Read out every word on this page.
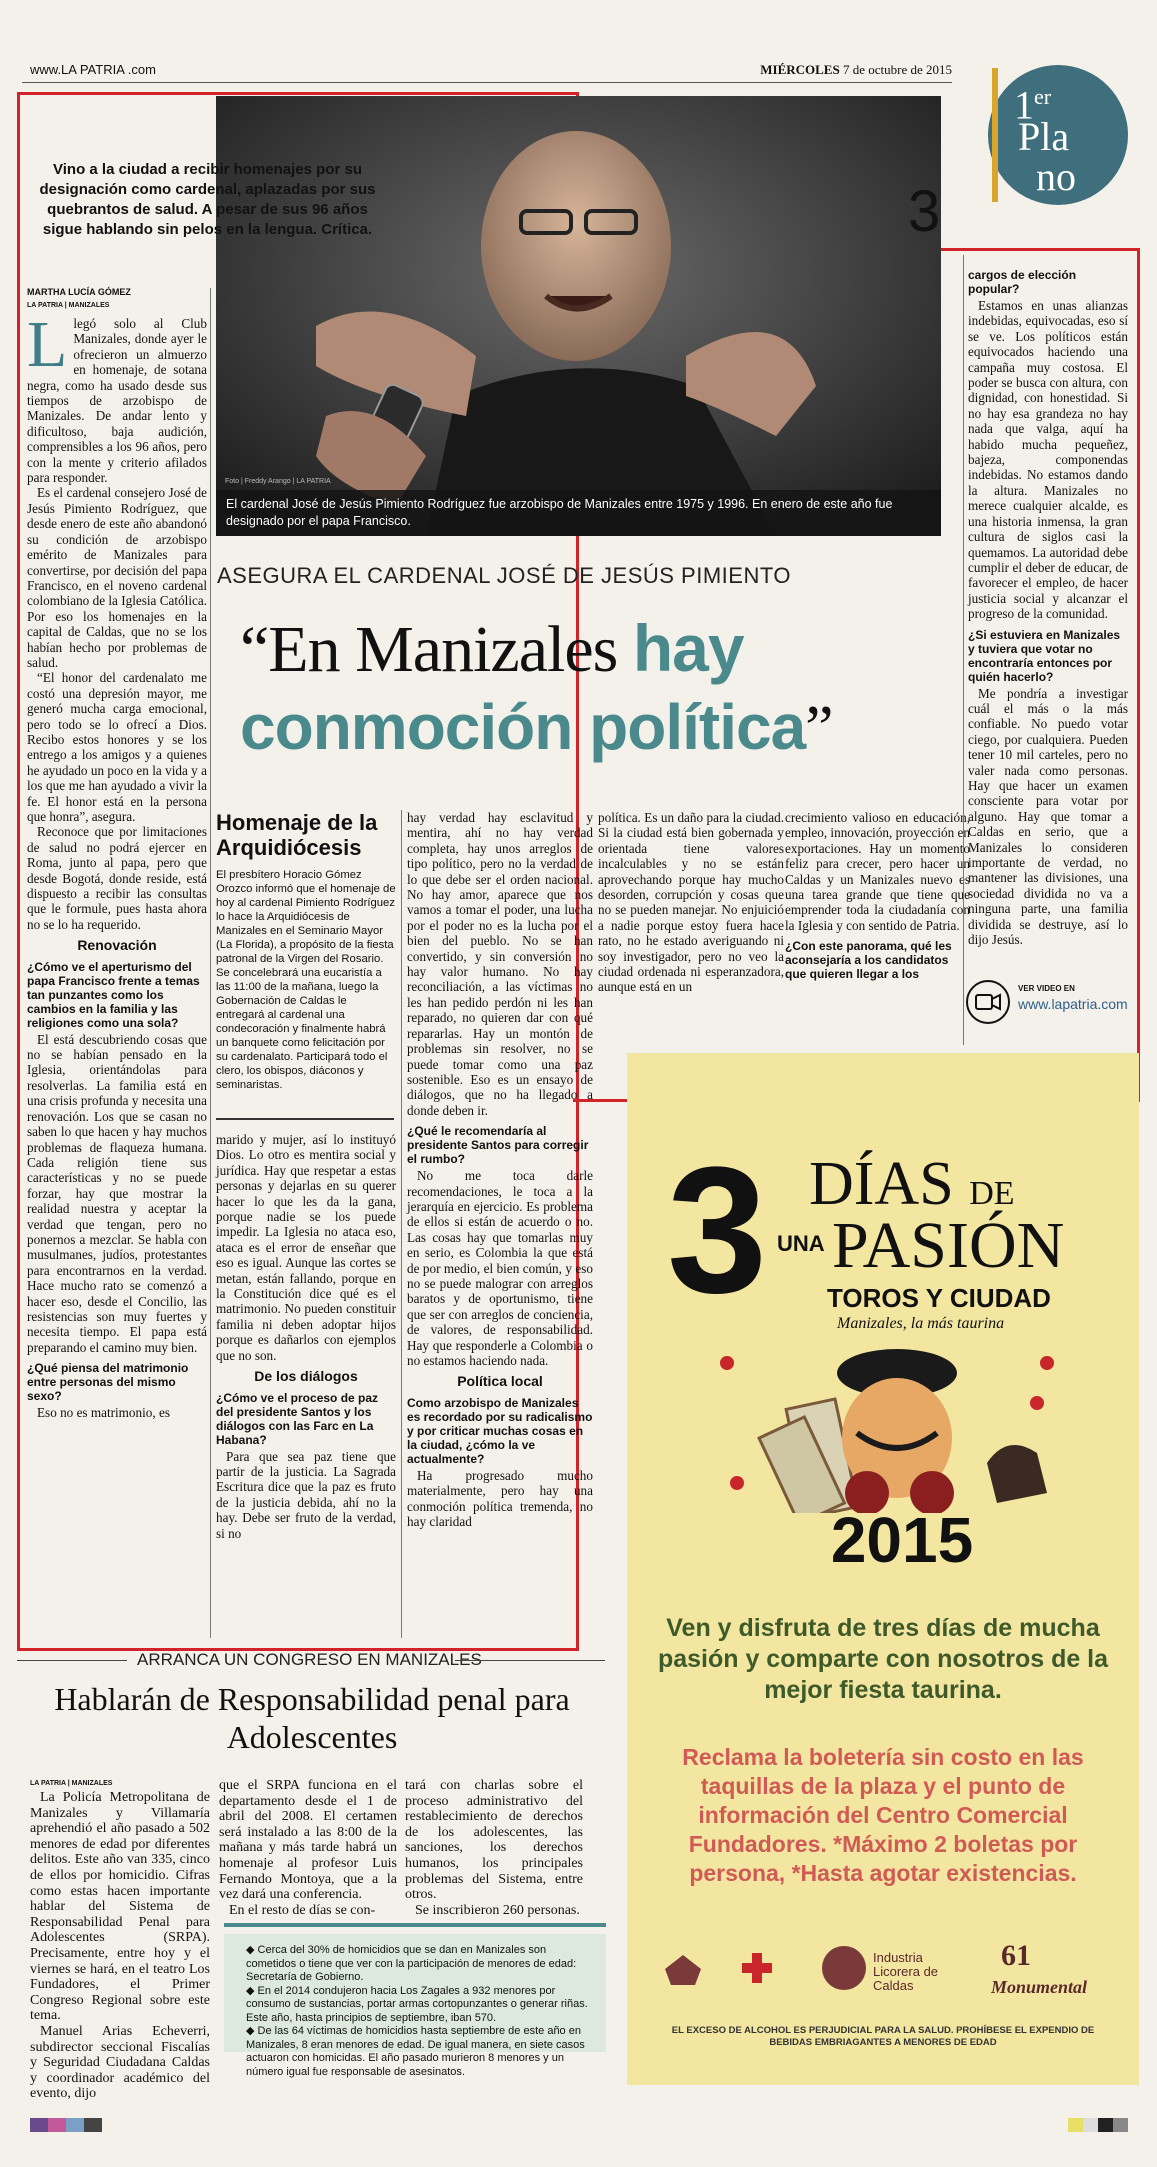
www.LA PATRIA .com	MIÉRCOLES 7 de octubre de 2015
1er
Pla
no
Foto | Freddy Arango | LA PATRIA
El cardenal José de Jesús Pimiento Rodríguez fue arzobispo de Manizales entre 1975 y 1996. En enero de este año fue designado por el papa Francisco.
3
Vino a la ciudad a recibir homenajes por su designación como cardenal, aplazadas por sus quebrantos de salud. A pesar de sus 96 años sigue hablando sin pelos en la lengua. Crítica.
MARTHA LUCÍA GÓMEZ
LA PATRIA | MANIZALES

Llegó solo al Club Manizales, donde ayer le ofrecieron un almuerzo en homenaje, de sotana negra, como ha usado desde sus tiempos de arzobispo de Manizales. De andar lento y dificultoso, baja audición, comprensibles a los 96 años, pero con la mente y criterio afilados para responder.

Es el cardenal consejero José de Jesús Pimiento Rodríguez, que desde enero de este año abandonó su condición de arzobispo emérito de Manizales para convertirse, por decisión del papa Francisco, en el noveno cardenal colombiano de la Iglesia Católica. Por eso los homenajes en la capital de Caldas, que no se los habían hecho por problemas de salud.

“El honor del cardenalato me costó una depresión mayor, me generó mucha carga emocional, pero todo se lo ofrecí a Dios. Recibo estos honores y se los entrego a los amigos y a quienes he ayudado un poco en la vida y a los que me han ayudado a vivir la fe. El honor está en la persona que honra”, asegura.

Reconoce que por limitaciones de salud no podrá ejercer en Roma, junto al papa, pero que desde Bogotá, donde reside, está dispuesto a recibir las consultas que le formule, pues hasta ahora no se lo ha requerido.

Renovación
¿Cómo ve el aperturismo del papa Francisco frente a temas tan punzantes como los cambios en la familia y las religiones como una sola?

El está descubriendo cosas que no se habían pensado en la Iglesia, orientándolas para resolverlas. La familia está en una crisis profunda y necesita una renovación. Los que se casan no saben lo que hacen y hay muchos problemas de flaqueza humana. Cada religión tiene sus características y no se puede forzar, hay que mostrar la realidad nuestra y aceptar la verdad que tengan, pero no ponernos a mezclar. Se habla con musulmanes, judíos, protestantes para encontrarnos en la verdad. Hace mucho rato se comenzó a hacer eso, desde el Concilio, las resistencias son muy fuertes y necesita tiempo. El papa está preparando el camino muy bien.

¿Qué piensa del matrimonio entre personas del mismo sexo?

Eso no es matrimonio, es

ASEGURA EL CARDENAL JOSÉ DE JESÚS PIMIENTO
“En Manizales hay
conmoción política”
Homenaje de la Arquidiócesis

El presbítero Horacio Gómez Orozco informó que el homenaje de hoy al cardenal Pimiento Rodríguez lo hace la Arquidiócesis de Manizales en el Seminario Mayor (La Florida), a propósito de la fiesta patronal de la Virgen del Rosario. Se concelebrará una eucaristía a las 11:00 de la mañana, luego la Gobernación de Caldas le entregará al cardenal una condecoración y finalmente habrá un banquete como felicitación por su cardenalato. Participará todo el clero, los obispos, diáconos y seminaristas.

marido y mujer, así lo instituyó Dios. Lo otro es mentira social y jurídica. Hay que respetar a estas personas y dejarlas en su querer hacer lo que les da la gana, porque nadie se los puede impedir. La Iglesia no ataca eso, ataca es el error de enseñar que eso es igual. Aunque las cortes se metan, están fallando, porque en la Constitución dice qué es el matrimonio. No pueden constituir familia ni deben adoptar hijos porque es dañarlos con ejemplos que no son.

De los diálogos
¿Cómo ve el proceso de paz del presidente Santos y los diálogos con las Farc en La Habana?

Para que sea paz tiene que partir de la justicia. La Sagrada Escritura dice que la paz es fruto de la justicia debida, ahí no la hay. Debe ser fruto de la verdad, si no

hay verdad hay esclavitud y mentira, ahí no hay verdad completa, hay unos arreglos de tipo político, pero no la verdad de lo que debe ser el orden nacional. No hay amor, aparece que nos vamos a tomar el poder, una lucha por el poder no es la lucha por el bien del pueblo. No se han convertido, y sin conversión no hay valor humano. No hay reconciliación, a las víctimas no les han pedido perdón ni les han reparado, no quieren dar con qué repararlas. Hay un montón de problemas sin resolver, no se puede tomar como una paz sostenible. Eso es un ensayo de diálogos, que no ha llegado a donde deben ir.

¿Qué le recomendaría al presidente Santos para corregir el rumbo?

No me toca darle recomendaciones, le toca a la jerarquía en ejercicio. Es problema de ellos si están de acuerdo o no. Las cosas hay que tomarlas muy en serio, es Colombia la que está de por medio, el bien común, y eso no se puede malograr con arreglos baratos y de oportunismo, tiene que ser con arreglos de conciencia, de valores, de responsabilidad. Hay que responderle a Colombia o no estamos haciendo nada.

Política local
Como arzobispo de Manizales es recordado por su radicalismo y por criticar muchas cosas en la ciudad, ¿cómo la ve actualmente?

Ha progresado mucho materialmente, pero hay una conmoción política tremenda, no hay claridad

política. Es un daño para la ciudad. Si la ciudad está bien gobernada y orientada tiene valores incalculables y no se están aprovechando porque hay mucho desorden, corrupción y cosas que no se pueden manejar. No enjuició a nadie porque estoy fuera hace rato, no he estado averiguando ni soy investigador, pero no veo la ciudad ordenada ni esperanzadora, aunque está en un

crecimiento valioso en educación, empleo, innovación, proyección en exportaciones. Hay un momento feliz para crecer, pero hacer un Caldas y un Manizales nuevo es una tarea grande que tiene que emprender toda la ciudadanía con la Iglesia y con sentido de Patria.

¿Con este panorama, qué les aconsejaría a los candidatos que quieren llegar a los
cargos de elección popular?

Estamos en unas alianzas indebidas, equivocadas, eso sí se ve. Los políticos están equivocados haciendo una campaña muy costosa. El poder se busca con altura, con dignidad, con honestidad. Si no hay esa grandeza no hay nada que valga, aquí ha habido mucha pequeñez, bajeza, componendas indebidas. No estamos dando la altura. Manizales no merece cualquier alcalde, es una historia inmensa, la gran cultura de siglos casi la quemamos. La autoridad debe cumplir el deber de educar, de favorecer el empleo, de hacer justicia social y alcanzar el progreso de la comunidad.

¿Si estuviera en Manizales y tuviera que votar no encontraría entonces por quién hacerlo?

Me pondría a investigar cuál el más o la más confiable. No puedo votar ciego, por cualquiera. Pueden tener 10 mil carteles, pero no valer nada como personas. Hay que hacer un examen consciente para votar por alguno. Hay que tomar a Caldas en serio, que a Manizales lo consideren importante de verdad, no mantener las divisiones, una sociedad dividida no va a ninguna parte, una familia dividida se destruye, así lo dijo Jesús.

VER VIDEO EN
www.lapatria.com
3 DÍAS DE
UNA PASIÓN
TOROS Y CIUDAD
Manizales, la más taurina
2015
Ven y disfruta de tres días de mucha pasión y comparte con nosotros de la mejor fiesta taurina.
Reclama la boletería sin costo en las taquillas de la plaza y el punto de información del Centro Comercial Fundadores. *Máximo 2 boletas por persona, *Hasta agotar existencias.
Industria Licorera de Caldas
61
Monumental
EL EXCESO DE ALCOHOL ES PERJUDICIAL PARA LA SALUD. PROHÍBESE EL EXPENDIO DE BEBIDAS EMBRIAGANTES A MENORES DE EDAD
ARRANCA UN CONGRESO EN MANIZALES
Hablarán de Responsabilidad penal para Adolescentes
LA PATRIA | MANIZALES

La Policía Metropolitana de Manizales y Villamaría aprehendió el año pasado a 502 menores de edad por diferentes delitos. Este año van 335, cinco de ellos por homicidio. Cifras como estas hacen importante hablar del Sistema de Responsabilidad Penal para Adolescentes (SRPA). Precisamente, entre hoy y el viernes se hará, en el teatro Los Fundadores, el Primer Congreso Regional sobre este tema.

Manuel Arias Echeverri, subdirector seccional Fiscalías y Seguridad Ciudadana Caldas y coordinador académico del evento, dijo

que el SRPA funciona en el departamento desde el 1 de abril del 2008. El certamen será instalado a las 8:00 de la mañana y más tarde habrá un homenaje al profesor Luis Fernando Montoya, que a la vez dará una conferencia.

En el resto de días se con-

tará con charlas sobre el proceso administrativo del restablecimiento de derechos de los adolescentes, las sanciones, los derechos humanos, los principales problemas del Sistema, entre otros.

Se inscribieron 260 personas.

◆ Cerca del 30% de homicidios que se dan en Manizales son cometidos o tiene que ver con la participación de menores de edad: Secretaría de Gobierno.
◆ En el 2014 condujeron hacia Los Zagales a 932 menores por consumo de sustancias, portar armas cortopunzantes o generar riñas. Este año, hasta principios de septiembre, iban 570.
◆ De las 64 víctimas de homicidios hasta septiembre de este año en Manizales, 8 eran menores de edad. De igual manera, en siete casos actuaron con homicidas. El año pasado murieron 8 menores y un número igual fue responsable de asesinatos.
